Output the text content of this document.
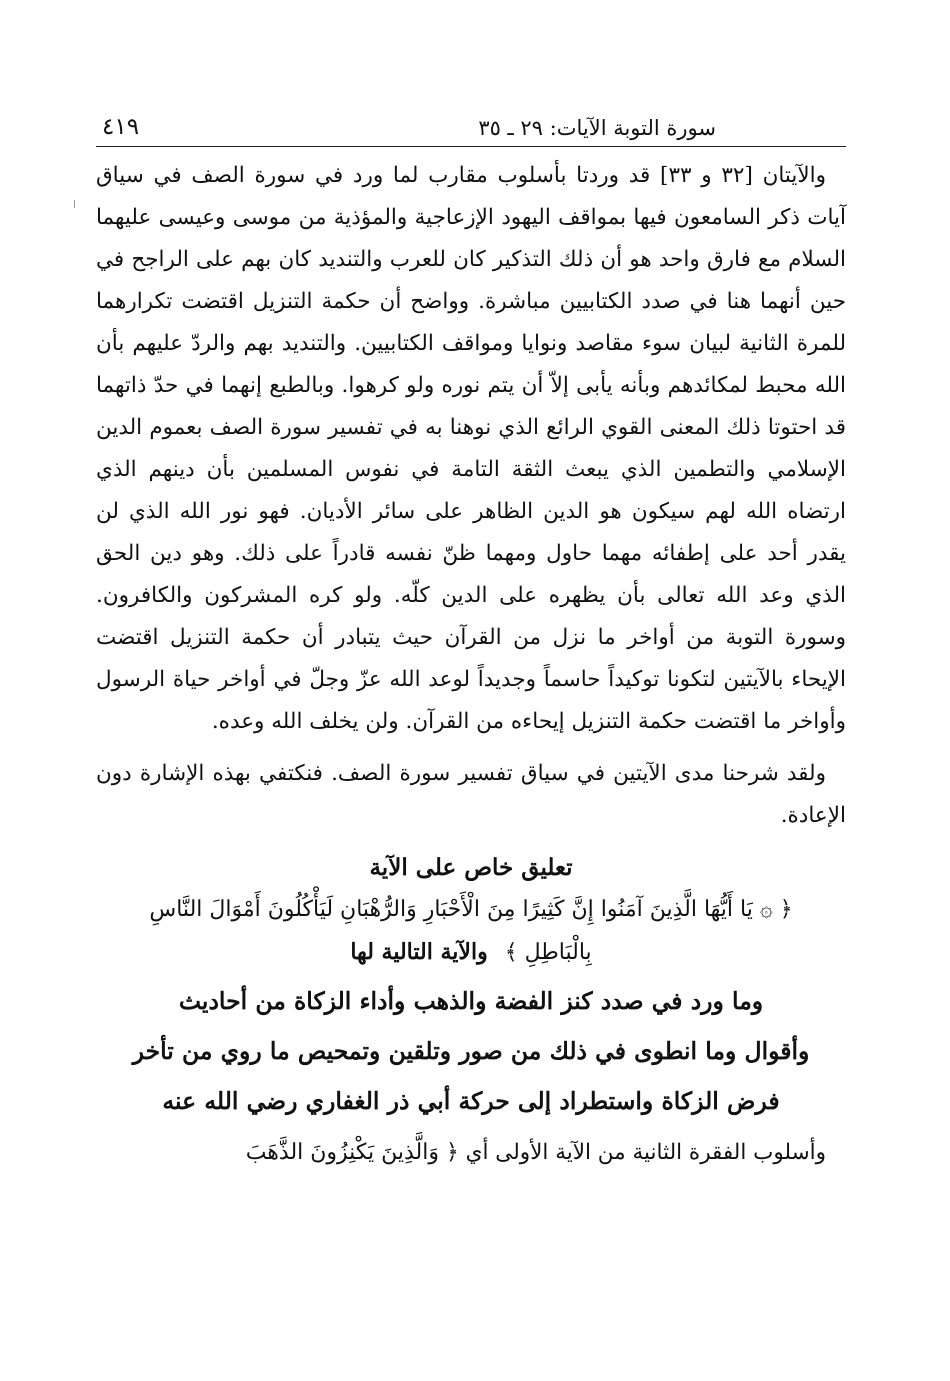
سورة التوبة الآيات: ٢٩ ـ ٣٥
٤١٩

والآيتان [٣٢ و ٣٣] قد وردتا بأسلوب مقارب لما ورد في سورة الصف في سياق آيات ذكر السامعون فيها بمواقف اليهود الإزعاجية والمؤذية من موسى وعيسى عليهما السلام مع فارق واحد هو أن ذلك التذكير كان للعرب والتنديد كان بهم على الراجح في حين أنهما هنا في صدد الكتابيين مباشرة. وواضح أن حكمة التنزيل اقتضت تكرارهما للمرة الثانية لبيان سوء مقاصد ونوايا ومواقف الكتابيين. والتنديد بهم والردّ عليهم بأن الله محبط لمكائدهم وبأنه يأبى إلاّ أن يتم نوره ولو كرهوا. وبالطبع إنهما في حدّ ذاتهما قد احتوتا ذلك المعنى القوي الرائع الذي نوهنا به في تفسير سورة الصف بعموم الدين الإسلامي والتطمين الذي يبعث الثقة التامة في نفوس المسلمين بأن دينهم الذي ارتضاه الله لهم سيكون هو الدين الظاهر على سائر الأديان. فهو نور الله الذي لن يقدر أحد على إطفائه مهما حاول ومهما ظنّ نفسه قادراً على ذلك. وهو دين الحق الذي وعد الله تعالى بأن يظهره على الدين كلّه. ولو كره المشركون والكافرون. وسورة التوبة من أواخر ما نزل من القرآن حيث يتبادر أن حكمة التنزيل اقتضت الإيحاء بالآيتين لتكونا توكيداً حاسماً وجديداً لوعد الله عزّ وجلّ في أواخر حياة الرسول وأواخر ما اقتضت حكمة التنزيل إيحاءه من القرآن. ولن يخلف الله وعده.

ولقد شرحنا مدى الآيتين في سياق تفسير سورة الصف. فنكتفي بهذه الإشارة دون الإعادة.

تعليق خاص على الآية
﴿ ۞ يَا أَيُّهَا الَّذِينَ آمَنُوا إِنَّ كَثِيرًا مِنَ الْأَحْبَارِ وَالرُّهْبَانِ لَيَأْكُلُونَ أَمْوَالَ النَّاسِ بِالْبَاطِلِ ﴾ والآية التالية لها
وما ورد في صدد كنز الفضة والذهب وأداء الزكاة من أحاديث
وأقوال وما انطوى في ذلك من صور وتلقين وتمحيص ما روي من تأخر
فرض الزكاة واستطراد إلى حركة أبي ذر الغفاري رضي الله عنه
وأسلوب الفقرة الثانية من الآية الأولى أي ﴿ وَالَّذِينَ يَكْنِزُونَ الذَّهَبَ
